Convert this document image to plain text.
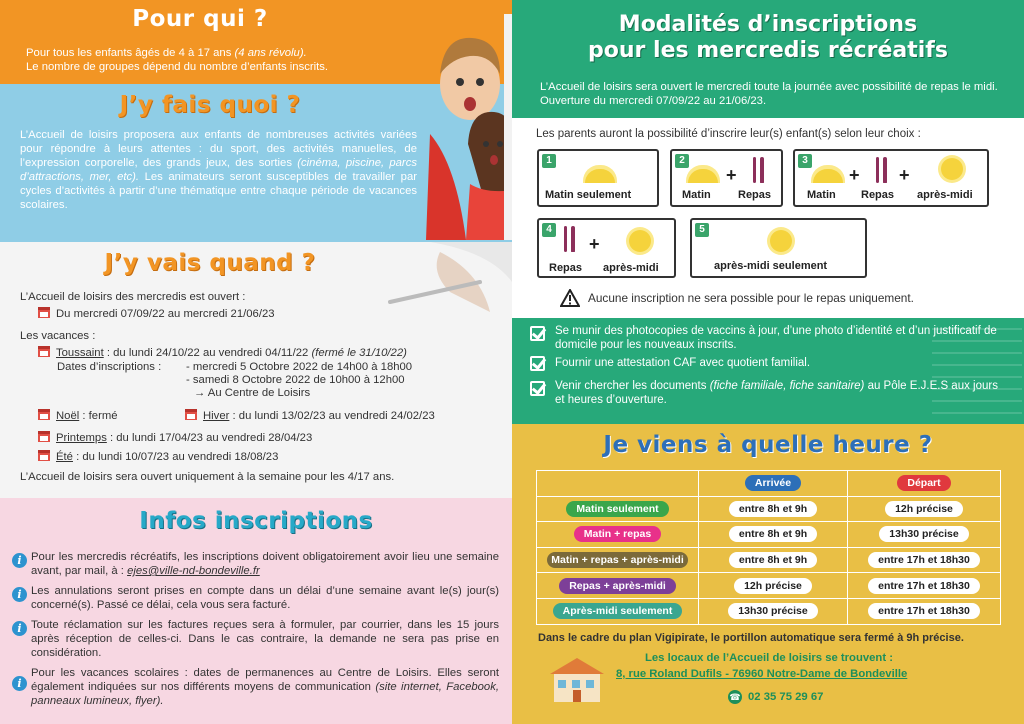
Pour qui ?
Pour tous les enfants âgés de 4 à 17 ans (4 ans révolu).
Le nombre de groupes dépend du nombre d’enfants inscrits.
J’y fais quoi ?
L’Accueil de loisirs proposera aux enfants de nombreuses activités variées pour répondre à leurs attentes : du sport, des activités manuelles, de l’expression corporelle, des grands jeux, des sorties (cinéma, piscine, parcs d’attractions, mer, etc). Les animateurs seront susceptibles de travailler par cycles d’activités à partir d’une thématique entre chaque période de vacances scolaires.
J’y vais quand ?
L’Accueil de loisirs des mercredis est ouvert :
Du mercredi 07/09/22 au mercredi 21/06/23
Les vacances :
Toussaint : du lundi 24/10/22 au vendredi 04/11/22 (fermé le 31/10/22)
Dates d’inscriptions : - mercredi 5 Octobre 2022 de 14h00 à 18h00
- samedi 8 Octobre 2022 de 10h00 à 12h00
→ Au Centre de Loisirs
Noël : fermé	Hiver : du lundi 13/02/23 au vendredi 24/02/23
Printemps : du lundi 17/04/23 au vendredi 28/04/23
Été : du lundi 10/07/23 au vendredi 18/08/23
L’Accueil de loisirs sera ouvert uniquement à la semaine pour les 4/17 ans.
Infos inscriptions
i Pour les mercredis récréatifs, les inscriptions doivent obligatoirement avoir lieu une semaine avant, par mail, à : ejes@ville-nd-bondeville.fr
i Les annulations seront prises en compte dans un délai d’une semaine avant le(s) jour(s) concerné(s). Passé ce délai, cela vous sera facturé.
i Toute réclamation sur les factures reçues sera à formuler, par courrier, dans les 15 jours après réception de celles-ci. Dans le cas contraire, la demande ne sera pas prise en considération.
i
Pour les vacances scolaires : dates de permanences au Centre de Loisirs. Elles seront également indiquées sur nos différents moyens de communication (site internet, Facebook, panneaux lumineux, flyer).
Modalités d’inscriptions
pour les mercredis récréatifs
L’Accueil de loisirs sera ouvert le mercredi toute la journée avec possibilité de repas le midi. Ouverture du mercredi 07/09/22 au 21/06/23.
Les parents auront la possibilité d’inscrire leur(s) enfant(s) selon leur choix :
1
Matin seulement
2
+
Matin Repas
3
+ +
Matin Repas après-midi
4
+
Repas après-midi
5
après-midi seulement
Aucune inscription ne sera possible pour le repas uniquement.
Se munir des photocopies de vaccins à jour, d’une photo d’identité et d’un justificatif de domicile pour les nouveaux inscrits.
Fournir une attestation CAF avec quotient familial.
Venir chercher les documents (fiche familiale, fiche sanitaire) au Pôle E.J.E.S aux jours et heures d’ouverture.
Je viens à quelle heure ?
	Arrivée	Départ
Matin seulement	entre 8h et 9h	12h précise
Matin + repas	entre 8h et 9h	13h30 précise
Matin + repas + après-midi	entre 8h et 9h	entre 17h et 18h30
Repas + après-midi	12h précise	entre 17h et 18h30
Après-midi seulement	13h30 précise	entre 17h et 18h30
Dans le cadre du plan Vigipirate, le portillon automatique sera fermé à 9h précise.
Les locaux de l’Accueil de loisirs se trouvent :
8, rue Roland Dufils - 76960 Notre-Dame de Bondeville
☎ 02 35 75 29 67
